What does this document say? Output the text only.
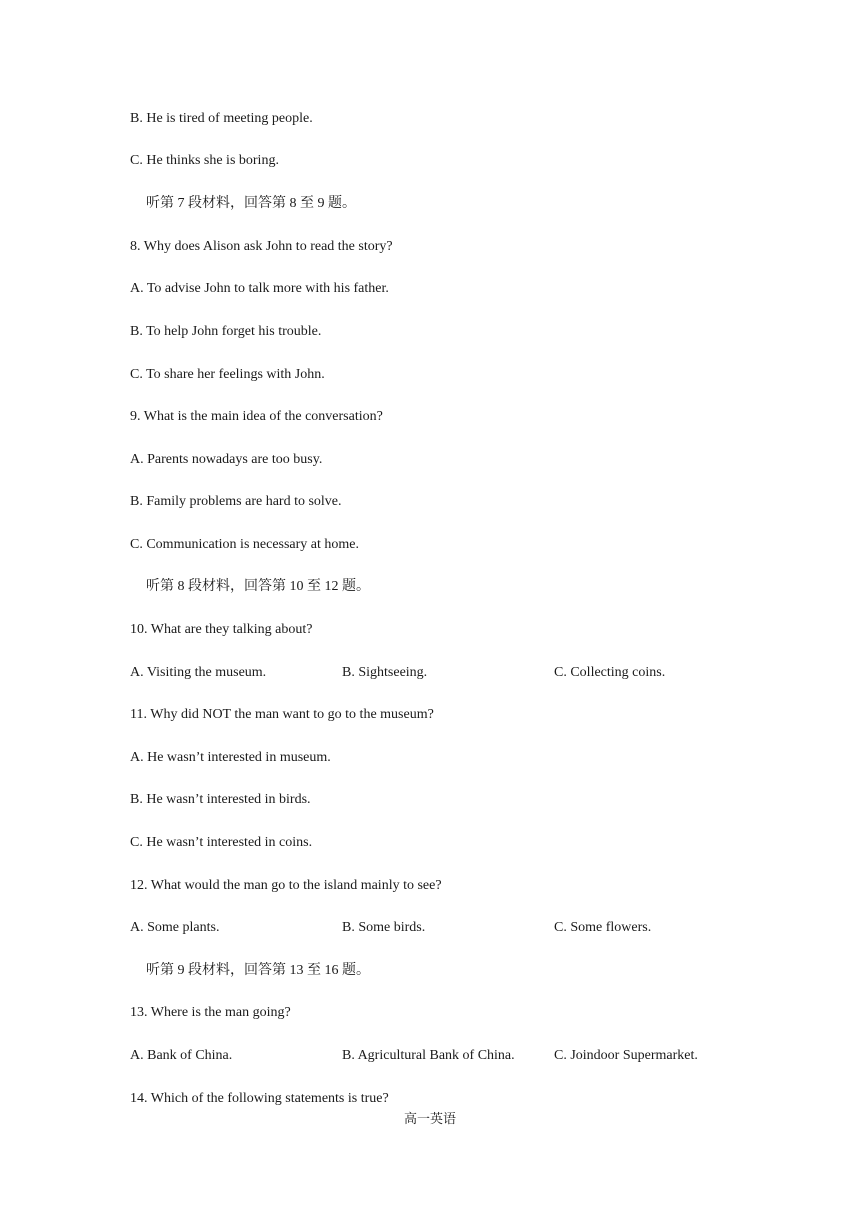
B. He is tired of meeting people.
C. He thinks she is boring.
听第 7 段材料，回答第 8 至 9 题。
8. Why does Alison ask John to read the story?
A. To advise John to talk more with his father.
B. To help John forget his trouble.
C. To share her feelings with John.
9. What is the main idea of the conversation?
A. Parents nowadays are too busy.
B. Family problems are hard to solve.
C. Communication is necessary at home.
听第 8 段材料，回答第 10 至 12 题。
10. What are they talking about?
A. Visiting the museum.	B. Sightseeing.	C. Collecting coins.
11. Why did NOT the man want to go to the museum?
A. He wasn’t interested in museum.
B. He wasn’t interested in birds.
C. He wasn’t interested in coins.
12. What would the man go to the island mainly to see?
A. Some plants.	B. Some birds.	C. Some flowers.
听第 9 段材料，回答第 13 至 16 题。
13. Where is the man going?
A. Bank of China.	B. Agricultural Bank of China.	C. Joindoor Supermarket.
14. Which of the following statements is true?
高一英语
